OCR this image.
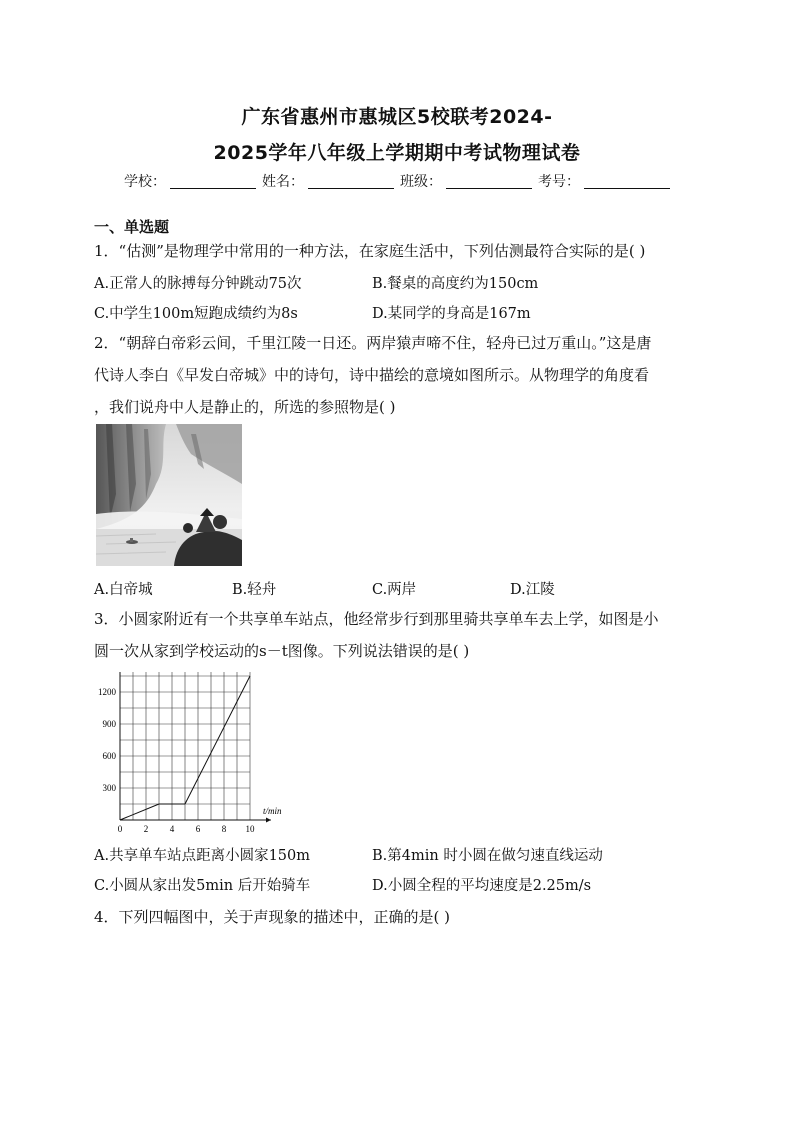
广东省惠州市惠城区5校联考2024-
2025学年八年级上学期期中考试物理试卷
学校：	姓名：	班级：	考号：
一、单选题
1．“估测”是物理学中常用的一种方法，在家庭生活中，下列估测最符合实际的是( )
A.正常人的脉搏每分钟跳动75次	B.餐桌的高度约为150cm
C.中学生100m短跑成绩约为8s	D.某同学的身高是167m
2．“朝辞白帝彩云间，千里江陵一日还。两岸猿声啼不住，轻舟已过万重山。”这是唐
代诗人李白《早发白帝城》中的诗句，诗中描绘的意境如图所示。从物理学的角度看
，我们说舟中人是静止的，所选的参照物是( )
A.白帝城	B.轻舟	C.两岸	D.江陵
3．小圆家附近有一个共享单车站点，他经常步行到那里骑共享单车去上学，如图是小
圆一次从家到学校运动的s－t图像。下列说法错误的是( )
0 2 4 6 8 10
300
600
900
1200
t/min
A.共享单车站点距离小圆家150m	B.第4min 时小圆在做匀速直线运动
C.小圆从家出发5min 后开始骑车	D.小圆全程的平均速度是2.25m/s
4．下列四幅图中，关于声现象的描述中，正确的是( )
